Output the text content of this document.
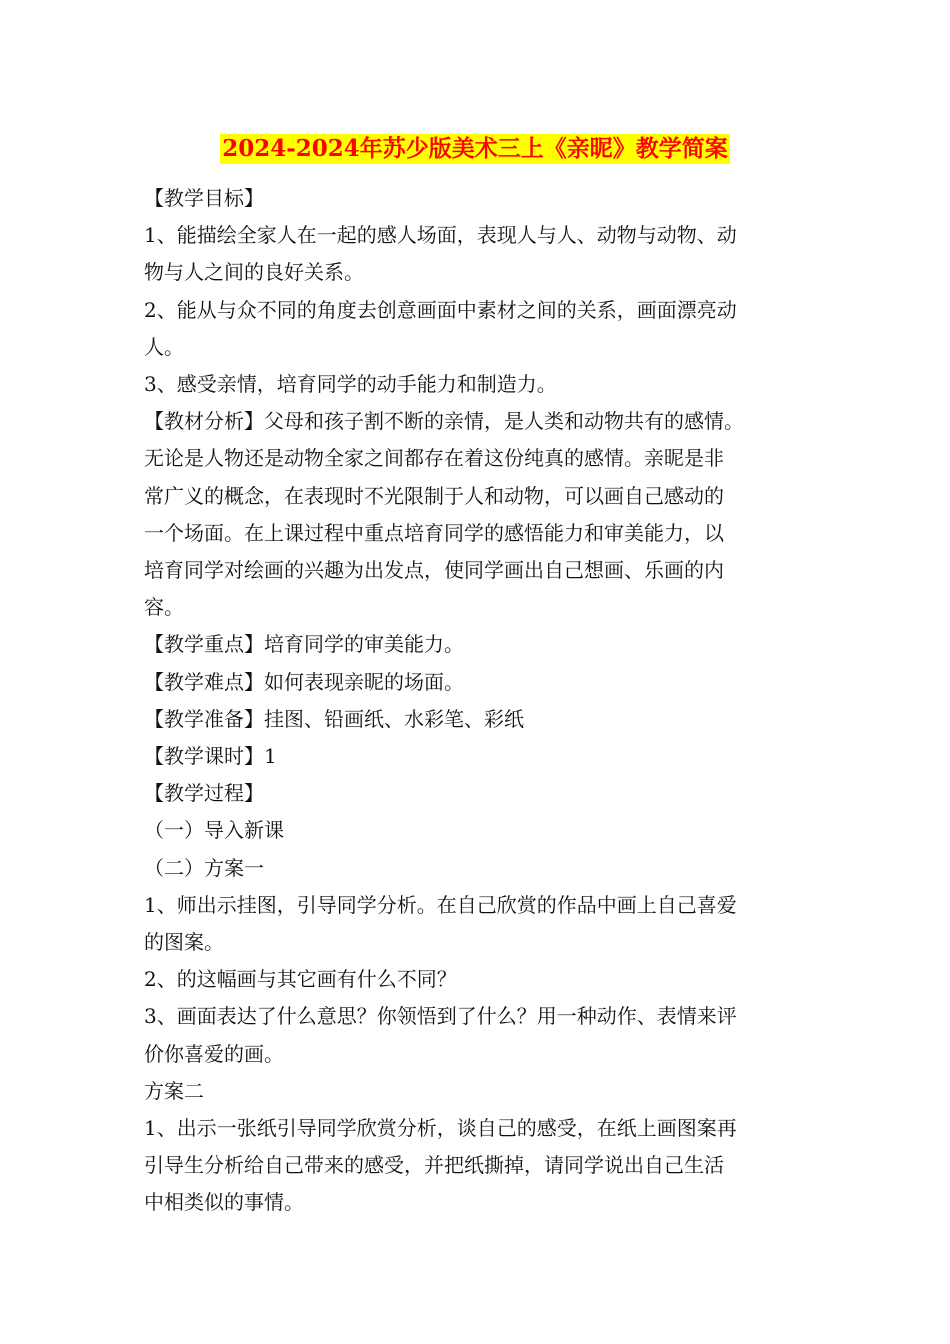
2024-2024年苏少版美术三上《亲昵》教学简案

【教学目标】

1、能描绘全家人在一起的感人场面，表现人与人、动物与动物、动

物与人之间的良好关系。

2、能从与众不同的角度去创意画面中素材之间的关系，画面漂亮动

人。

3、感受亲情，培育同学的动手能力和制造力。

【教材分析】父母和孩子割不断的亲情，是人类和动物共有的感情。

无论是人物还是动物全家之间都存在着这份纯真的感情。亲昵是非

常广义的概念，在表现时不光限制于人和动物，可以画自己感动的

一个场面。在上课过程中重点培育同学的感悟能力和审美能力，以

培育同学对绘画的兴趣为出发点，使同学画出自己想画、乐画的内

容。

【教学重点】培育同学的审美能力。

【教学难点】如何表现亲昵的场面。

【教学准备】挂图、铅画纸、水彩笔、彩纸

【教学课时】1

【教学过程】

（一）导入新课

（二）方案一

1、师出示挂图，引导同学分析。在自己欣赏的作品中画上自己喜爱

的图案。

2、的这幅画与其它画有什么不同？

3、画面表达了什么意思？你领悟到了什么？用一种动作、表情来评

价你喜爱的画。

方案二

1、出示一张纸引导同学欣赏分析，谈自己的感受，在纸上画图案再

引导生分析给自己带来的感受，并把纸撕掉，请同学说出自己生活

中相类似的事情。
